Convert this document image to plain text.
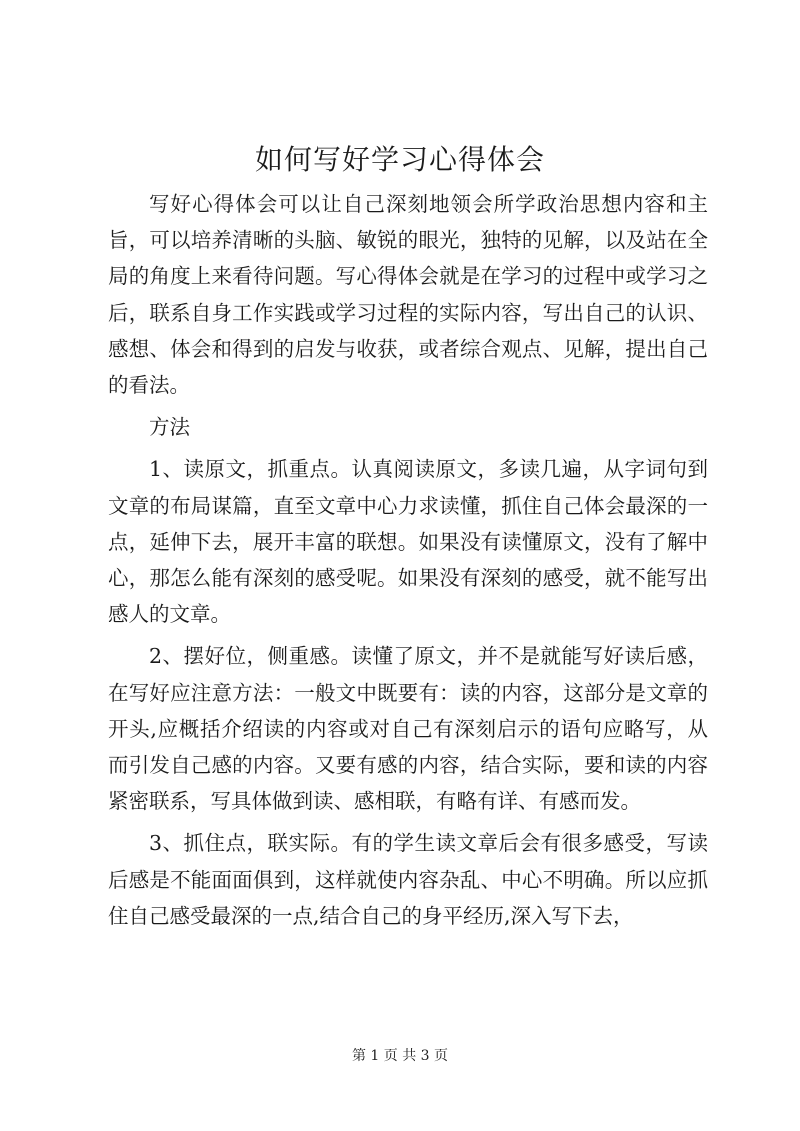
如何写好学习心得体会

写好心得体会可以让自己深刻地领会所学政治思想内容和主旨，可以培养清晰的头脑、敏锐的眼光，独特的见解，以及站在全局的角度上来看待问题。写心得体会就是在学习的过程中或学习之后，联系自身工作实践或学习过程的实际内容，写出自己的认识、感想、体会和得到的启发与收获，或者综合观点、见解，提出自己的看法。

方法

1、读原文，抓重点。认真阅读原文，多读几遍，从字词句到文章的布局谋篇，直至文章中心力求读懂，抓住自己体会最深的一点，延伸下去，展开丰富的联想。如果没有读懂原文，没有了解中心，那怎么能有深刻的感受呢。如果没有深刻的感受，就不能写出感人的文章。

2、摆好位，侧重感。读懂了原文，并不是就能写好读后感，在写好应注意方法：一般文中既要有：读的内容，这部分是文章的开头,应概括介绍读的内容或对自己有深刻启示的语句应略写，从而引发自己感的内容。又要有感的内容，结合实际，要和读的内容紧密联系，写具体做到读、感相联，有略有详、有感而发。

3、抓住点，联实际。有的学生读文章后会有很多感受，写读后感是不能面面俱到，这样就使内容杂乱、中心不明确。所以应抓住自己感受最深的一点,结合自己的身平经历,深入写下去，

第 1 页 共 3 页
